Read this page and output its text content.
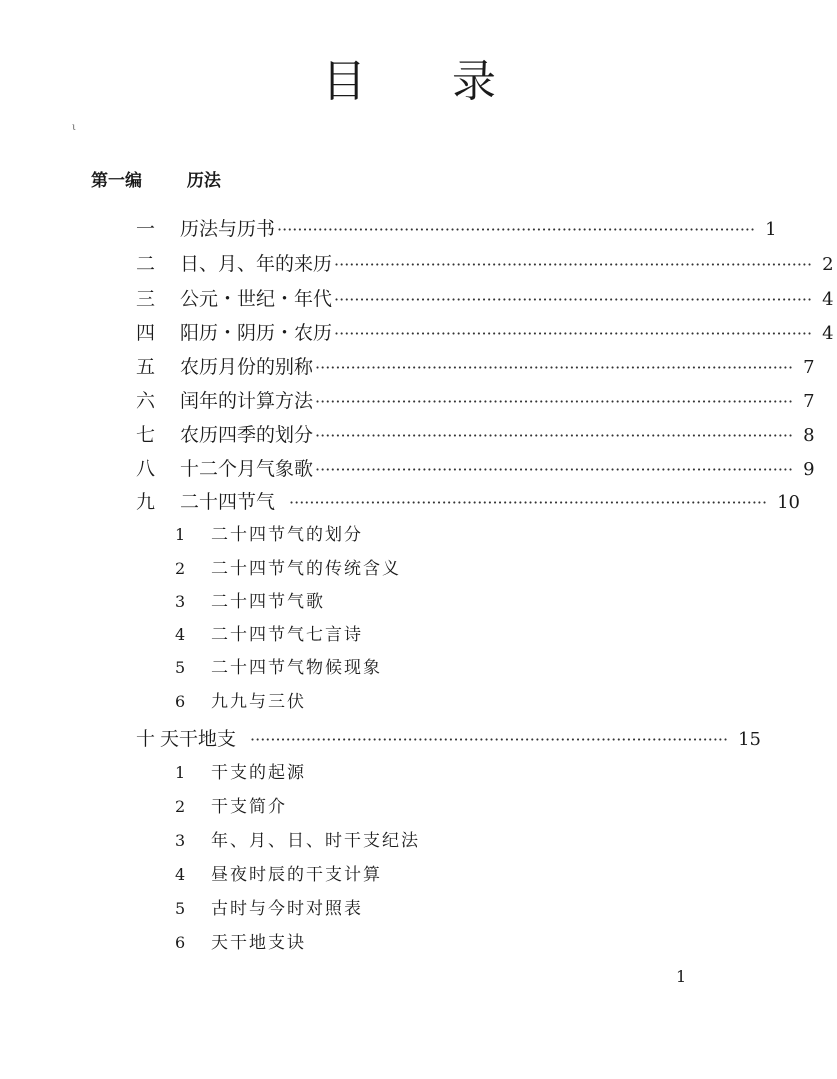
目 录
ι
第一编	历法
一 历法与历书 ······························································································ 1
二 日、月、年的来历 ······························································································ 2
三 公元・世纪・年代 ······························································································ 4
四 阳历・阴历・农历 ······························································································ 4
五 农历月份的别称 ······························································································ 7
六 闰年的计算方法 ······························································································ 7
七 农历四季的划分 ······························································································ 8
八 十二个月气象歌 ······························································································ 9
九 二十四节气 ······························································································ 10
1 二十四节气的划分
2 二十四节气的传统含义
3 二十四节气歌
4 二十四节气七言诗
5 二十四节气物候现象
6 九九与三伏
十 天干地支 ······························································································ 15
1 干支的起源
2 干支简介
3 年、月、日、时干支纪法
4 昼夜时辰的干支计算
5 古时与今时对照表
6 天干地支诀
1
